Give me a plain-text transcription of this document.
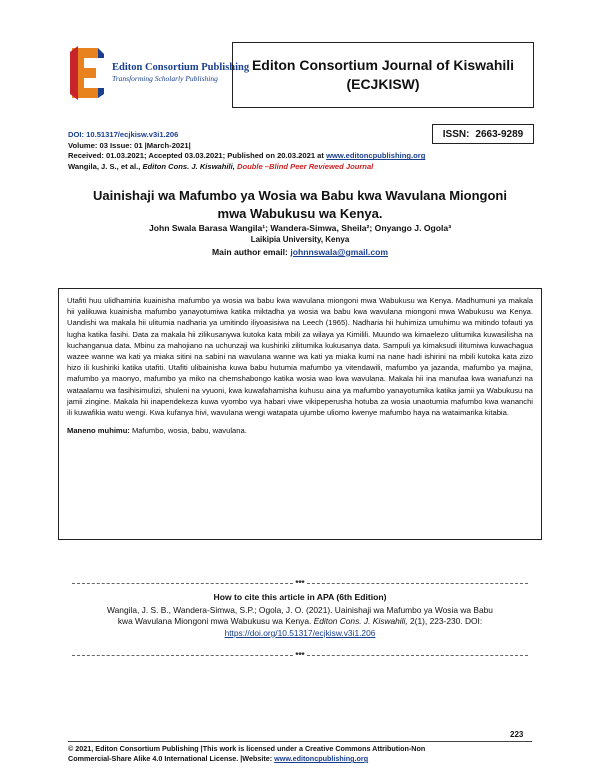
Editon Consortium Publishing
Transforming Scholarly Publishing
Editon Consortium Journal of Kiswahili
(ECJKISW)
DOI: 10.51317/ecjkisw.v3i1.206
Volume: 03 Issue: 01 |March-2021|
Received: 01.03.2021; Accepted 03.03.2021; Published on 20.03.2021 at www.editoncpublishing.org
Wangila, J. S., et al., Editon Cons. J. Kiswahili, Double –Blind Peer Reviewed Journal
ISSN: 2663-9289
Uainishaji wa Mafumbo ya Wosia wa Babu kwa Wavulana Miongoni
mwa Wabukusu wa Kenya.
John Swala Barasa Wangila¹; Wandera-Simwa, Sheila²; Onyango J. Ogola³
Laikipia University, Kenya
Main author email: johnnswala@gmail.com

Utafiti huu ulidhamiria kuainisha mafumbo ya wosia wa babu kwa wavulana miongoni mwa Wabukusu wa Kenya. Madhumuni ya makala hii yalikuwa kuainisha mafumbo yanayotumiwa katika miktadha ya wosia wa babu kwa wavulana miongoni mwa Wabukusu wa Kenya. Uandishi wa makala hii ulitumia nadharia ya umitindo iliyoasisiwa na Leech (1965). Nadharia hii huhimiza umuhimu wa mitindo tofauti ya lugha katika fasihi. Data za makala hii zilikusanywa kutoka kata mbili za wilaya ya Kimilili. Muundo wa kimaelezo ulitumika kuwasilisha na kuchanganua data. Mbinu za mahojiano na uchunzaji wa kushiriki zilitumika kukusanya data. Sampuli ya kimaksudi ilitumiwa kuwachagua wazee wanne wa kati ya miaka sitini na sabini na wavulana wanne wa kati ya miaka kumi na nane hadi ishirini na mbili kutoka kata zizo hizo ili kushiriki katika utafiti. Utafiti ulibainisha kuwa babu hutumia mafumbo ya vitendawili, mafumbo ya jazanda, mafumbo ya majina, mafumbo ya maonyo, mafumbo ya miko na chemshabongo katika wosia wao kwa wavulana. Makala hii ina manufaa kwa wanafunzi na wataalamu wa fasihisimulizi, shuleni na vyuoni, kwa kuwafahamisha kuhusu aina ya mafumbo yanayotumika katika jamii ya Wabukusu na jamii zingine. Makala hii inapendekeza kuwa vyombo vya habari viwe vikipeperusha hotuba za wosia unaotumia mafumbo kwa wananchi ili kuwafikia watu wengi. Kwa kufanya hivi, wavulana wengi watapata ujumbe uliomo kwenye mafumbo haya na wataimarika kitabia.

Maneno muhimu: Mafumbo, wosia, babu, wavulana.

***
How to cite this article in APA (6th Edition)
Wangila, J. S. B., Wandera-Simwa, S.P.; Ogola, J. O. (2021). Uainishaji wa Mafumbo ya Wosia wa Babu
kwa Wavulana Miongoni mwa Wabukusu wa Kenya. Editon Cons. J. Kiswahili, 2(1), 223-230. DOI:
https://doi.org/10.51317/ecjkisw.v3i1.206
***
223
© 2021, Editon Consortium Publishing |This work is licensed under a Creative Commons Attribution-Non
Commercial-Share Alike 4.0 International License. |Website: www.editoncpublishing.org
